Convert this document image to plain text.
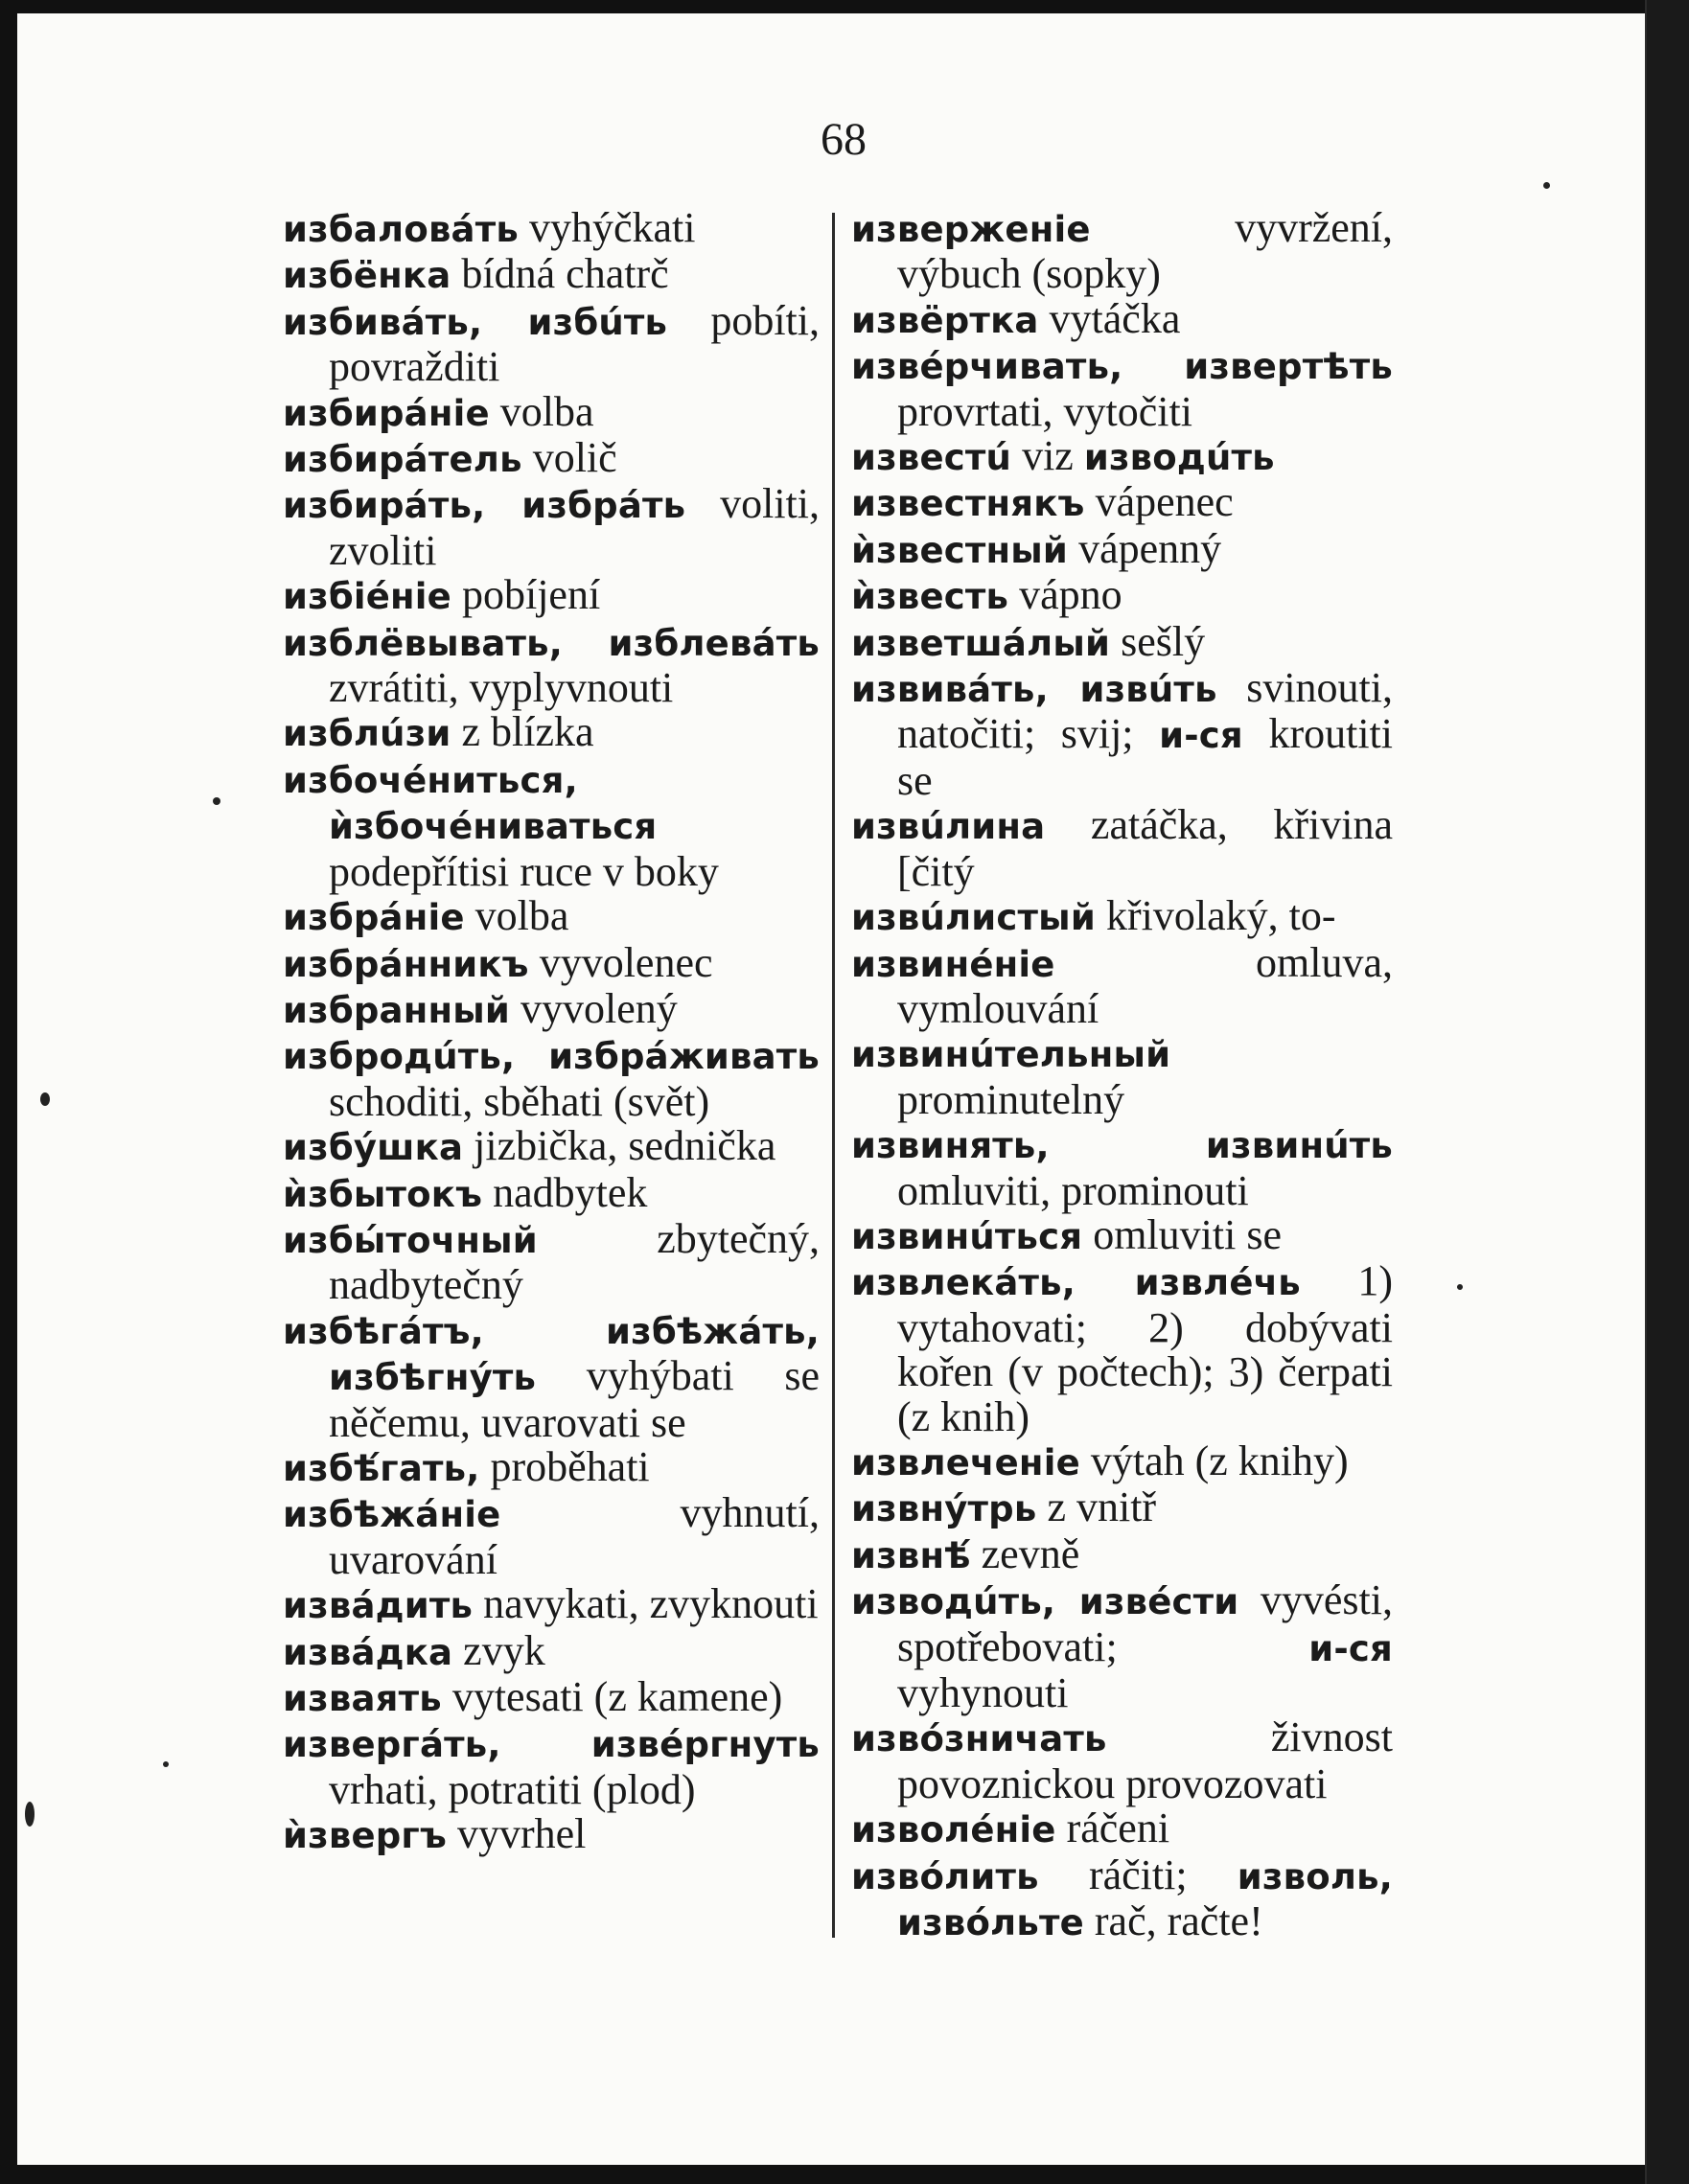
68

избаловáть vyhýčkati

избёнка bídná chatrč

избивáть, избúть pobíti, povražditi

избирáнiе volba

избирáтель volič

избирáть, избрáть voliti, zvoliti

избiéнiе pobíjení

изблёвывать, изблевáть zvrátiti, vyplyvnouti

изблúзи z blízka

избочéниться, ѝзбочéниваться podepřítisi ruce v boky

избрáнiе volba

избрáнникъ vyvolenec

избранный vyvolený

избродúть, избрáживать schoditi, sběhati (svět)

избýшка jizbička, sednička

ѝзбытокъ nadbytek

избы́точный	zbytečný, nadbytečný

избѣгáтъ, избѣжáть, избѣгнýть vyhýbati se něčemu, uvarovati se

избѣ́гать, proběhati

избѣжáнiе	vyhnutí, uvarování

извáдить navykati, zvyknouti

извáдка zvyk

изваять vytesati (z kamene)

извергáть, извéргнуть vrhati, potratiti (plod)

ѝзвергъ vyvrhel

изверженiе	vyvržení, výbuch (sopky)

извёртка vytáčka

извéрчивать, извертѣть provrtati, vytočiti

известú viz изводúть

известнякъ vápenec

ѝзвестный vápenný

ѝзвесть vápno

изветшáлый sešlý

извивáть, извúть svinouti, natočiti; svij; и-ся kroutiti se

извúлина zatáčka, křivina [čitý

извúлистый křivolaký, to-

извинéнiе	omluva, vymlouvání

извинúтельный prominutelný

извинять, извинúть omluviti, prominouti

извинúться omluviti se

извлекáть, извлéчь 1) vytahovati; 2) dobývati kořen (v počtech); 3) čerpati (z knih)

извлеченiе výtah (z knihy)

извнýтрь z vnitř

извнѣ́ zevně

изводúть, извéсти vyvésti, spotřebovati;	и-ся vyhynouti

извóзничать	živnost povoznickou provozovati

изволéнiе ráčeni

извóлить ráčiti; изволь, извóльте rač, račte!
